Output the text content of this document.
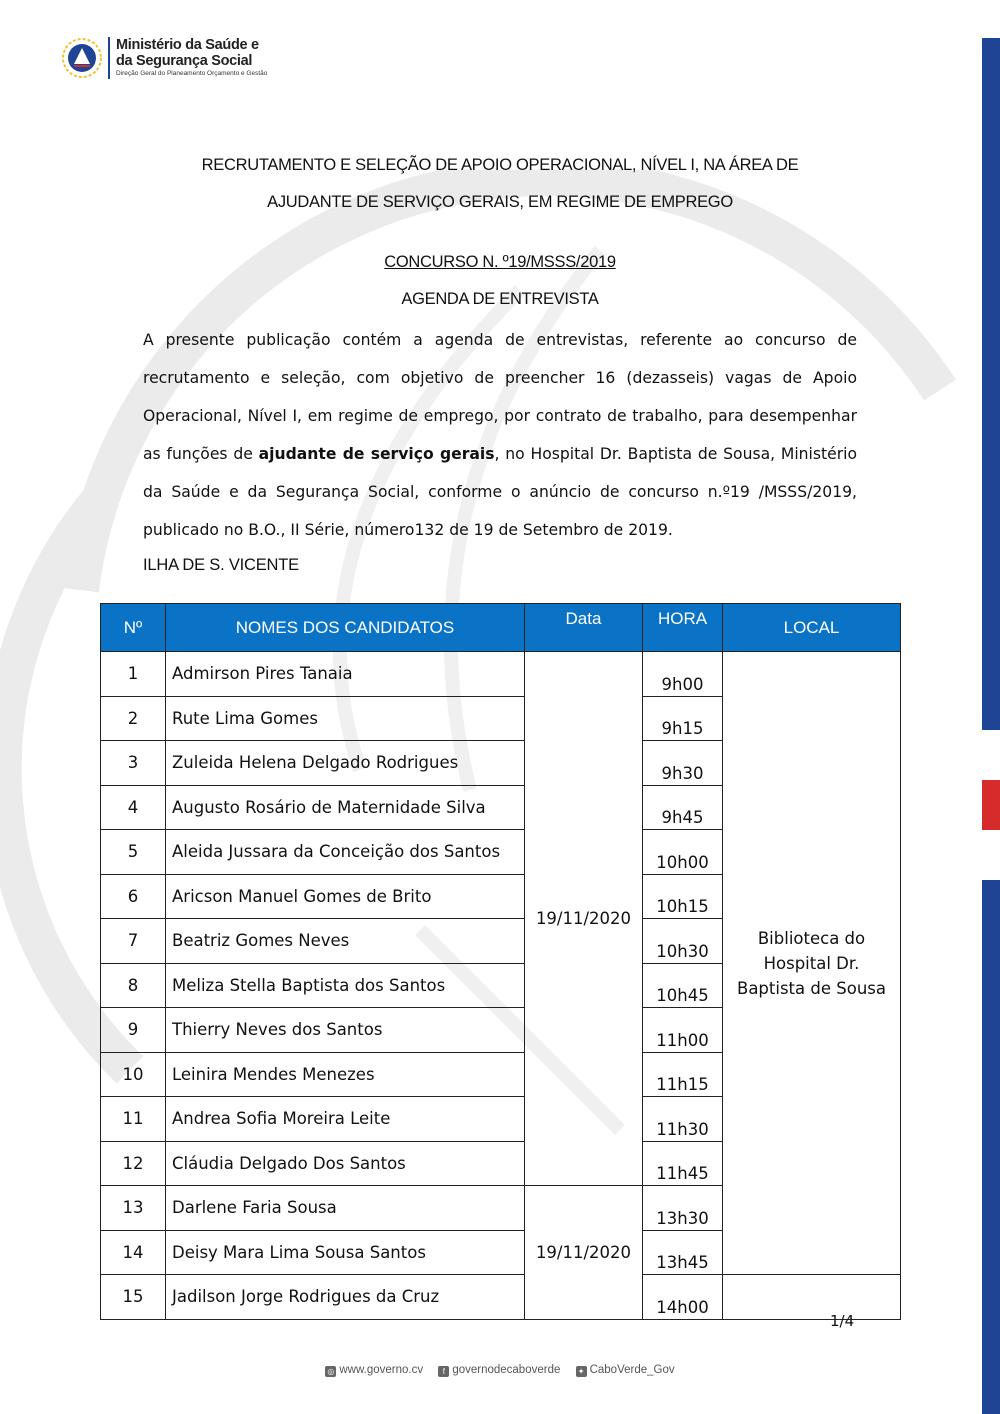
Ministério da Saúde e
da Segurança Social
Direção Geral do Planeamento Orçamento e Gestão
RECRUTAMENTO E SELEÇÃO DE APOIO OPERACIONAL, NÍVEL I, NA ÁREA DE
AJUDANTE DE SERVIÇO GERAIS, EM REGIME DE EMPREGO
CONCURSO N. º19/MSSS/2019
AGENDA DE ENTREVISTA

A presente publicação contém a agenda de entrevistas, referente ao concurso de recrutamento e seleção, com objetivo de preencher 16 (dezasseis) vagas de Apoio Operacional, Nível I, em regime de emprego, por contrato de trabalho, para desempenhar as funções de ajudante de serviço gerais, no Hospital Dr. Baptista de Sousa, Ministério da Saúde e da Segurança Social, conforme o anúncio de concurso n.º19 /MSSS/2019, publicado no B.O., II Série, número132 de 19 de Setembro de 2019.

ILHA DE S. VICENTE
Nº	NOMES DOS CANDIDATOS	Data	HORA	LOCAL
1	Admirson Pires Tanaia	19/11/2020	9h00	Biblioteca do
Hospital Dr.
Baptista de Sousa
2	Rute Lima Gomes		9h15	
3	Zuleida Helena Delgado Rodrigues		9h30	
4	Augusto Rosário de Maternidade Silva		9h45	
5	Aleida Jussara da Conceição dos Santos		10h00	
6	Aricson Manuel Gomes de Brito		10h15	
7	Beatriz Gomes Neves		10h30	
8	Meliza Stella Baptista dos Santos		10h45	
9	Thierry Neves dos Santos		11h00	
10	Leinira Mendes Menezes		11h15	
11	Andrea Sofia Moreira Leite		11h30	
12	Cláudia Delgado Dos Santos		11h45	
13	Darlene Faria Sousa	19/11/2020	13h30	
14	Deisy Mara Lima Sousa Santos		13h45	
15	Jadilson Jorge Rodrigues da Cruz		14h00	
1/4
◎ www.governo.cv f governodecaboverde ✦ CaboVerde_Gov
